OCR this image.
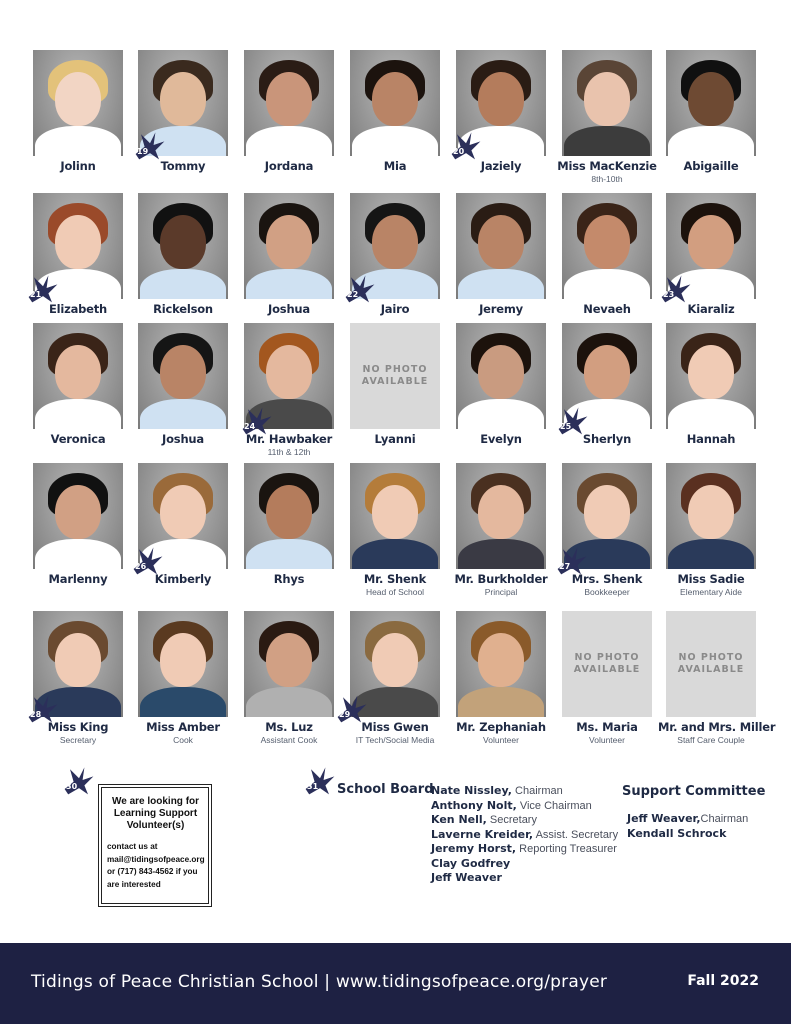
Jolinn	Tommy	Jordana	Mia	Jaziely	Miss MacKenzie
8th-10th
Abigaille
Elizabeth	Rickelson	Joshua	Jairo	Jeremy	Nevaeh	Kiaraliz
Veronica	Joshua	Mr. Hawbaker
11th & 12th
NO PHOTO
AVAILABLE
Lyanni	Evelyn	Sherlyn	Hannah
Marlenny	Kimberly	Rhys	Mr. Shenk
Head of School
Mr. Burkholder
Principal
Mrs. Shenk
Bookkeeper
Miss Sadie
Elementary Aide
Miss King
Secretary
Miss Amber
Cook
Ms. Luz
Assistant Cook
Miss Gwen
IT Tech/Social Media
Mr. Zephaniah
Volunteer
NO PHOTO
AVAILABLE
Ms. Maria
Volunteer
NO PHOTO
AVAILABLE
Mr. and Mrs. Miller
Staff Care Couple
19	20
21	22	23
24	25
26	27
28	29
30	31
We are looking for Learning Support Volunteer(s)
contact us at
mail@tidingsofpeace.org
or (717) 843-4562 if you
are interested
School Board
Nate Nissley, Chairman
Anthony Nolt, Vice Chairman
Ken Nell, Secretary
Laverne Kreider, Assist. Secretary
Jeremy Horst, Reporting Treasurer
Clay Godfrey
Jeff Weaver
Support Committee
Jeff Weaver,Chairman
Kendall Schrock
Tidings of Peace Christian School | www.tidingsofpeace.org/prayer	Fall 2022
